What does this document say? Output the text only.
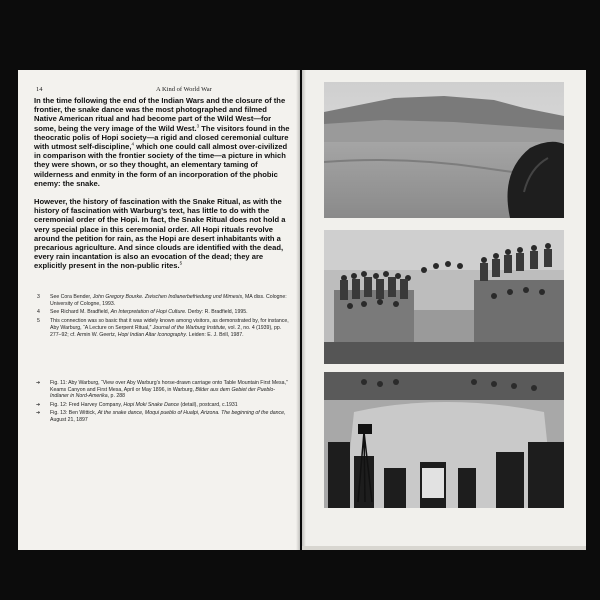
14	A Kind of World War

In the time following the end of the Indian Wars and the closure of the frontier, the snake dance was the most photographed and filmed Native American ritual and had become part of the Wild West—for some, being the very image of the Wild West.$^3$ The visitors found in the theocratic polis of Hopi society—a rigid and closed ceremonial culture with utmost self-discipline,$^4$ which one could call almost over-civilized in comparison with the frontier society of the time—a picture in which they were shown, or so they thought, an elementary taming of wilderness and enmity in the form of an incorporation of the phobic enemy: the snake.

However, the history of fascination with the Snake Ritual, as with the history of fascination with Warburg’s text, has little to do with the ceremonial order of the Hopi. In fact, the Snake Ritual does not hold a very special place in this ceremonial order. All Hopi rituals revolve around the petition for rain, as the Hopi are desert inhabitants with a precarious agriculture. And since clouds are identified with the dead, every rain incantation is also an evocation of the dead; they are explicitly present in the non-public rites.$^5$

3 See Cora Bender, John Gregory Bourke. Zwischen Indianerbefriedung und Mimesis, MA diss. Cologne: University of Cologne, 1993.
4 See Richard M. Bradfield, An Interpretation of Hopi Culture. Derby: R. Bradfield, 1995.
5 This connection was so basic that it was widely known among visitors, as demonstrated by, for instance, Aby Warburg, “A Lecture on Serpent Ritual,” Journal of the Warburg Institute, vol. 2, no. 4 (1939), pp. 277–92; cf. Armin W. Geertz, Hopi Indian Altar Iconography. Leiden: E. J. Brill, 1987.
➔ Fig. 11: Aby Warburg, “View over Aby Warburg’s horse-drawn carriage onto Table Mountain First Mesa,” Keams Canyon and First Mesa, April or May 1896, in Warburg, Bilder aus dem Gebiet der Pueblo-Indianer in Nord-Amerika, p. 288
➔ Fig. 12: Fred Harvey Company, Hopi Moki Snake Dance (detail), postcard, c.1931
➔ Fig. 13: Ben Wittick, At the snake dance, Moqui pueblo of Hualpi, Arizona. The beginning of the dance, August 21, 1897
